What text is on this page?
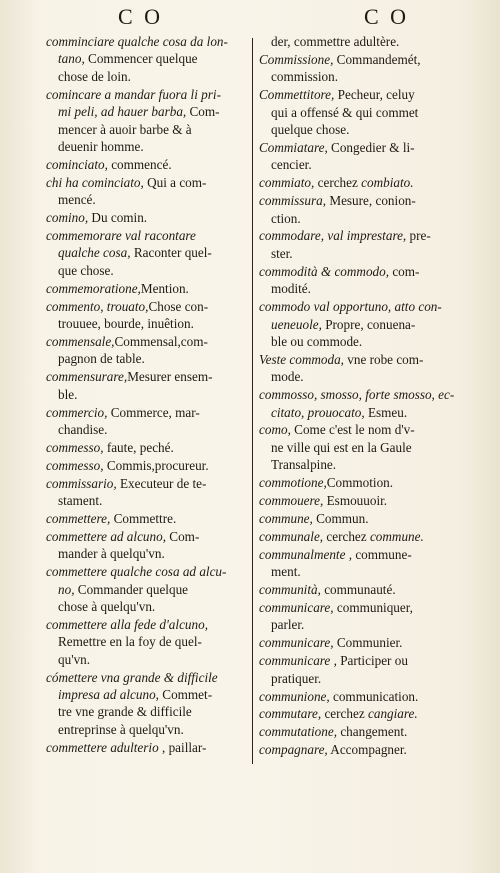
C O	C O
comminciare qualche cosa da lon-
tano, Commencer quelque
chose de loin.
comincare a mandar fuora li pri-
mi peli, ad hauer barba, Com-
mencer à auoir barbe & à
deuenir homme.
cominciato, commencé.
chi ha cominciato, Qui a com-
mencé.
comino, Du comin.
commemorare val racontare
qualche cosa, Raconter quel-
que chose.
commemoratione,Mention.
commento, trouato,Chose con-
trouuee, bourde, inuêtion.
commensale,Commensal,com-
pagnon de table.
commensurare,Mesurer ensem-
ble.
commercio, Commerce, mar-
chandise.
commesso, faute, peché.
commesso, Commis,procureur.
commissario, Executeur de te-
stament.
commettere, Commettre.
commettere ad alcuno, Com-
mander à quelqu'vn.
commettere qualche cosa ad alcu-
no, Commander quelque
chose à quelqu'vn.
commettere alla fede d'alcuno,
Remettre en la foy de quel-
qu'vn.
cómettere vna grande & difficile
impresa ad alcuno, Commet-
tre vne grande & difficile
entreprinse à quelqu'vn.
commettere adulterio , paillar-
der, commettre adultère.
Commissione, Commandemét,
commission.
Commettitore, Pecheur, celuy
qui a offensé & qui commet
quelque chose.
Commiatare, Congedier & li-
cencier.
commiato, cerchez combiato.
commissura, Mesure, conion-
ction.
commodare, val imprestare, pre-
ster.
commodità & commodo, com-
modité.
commodo val opportuno, atto con-
ueneuole, Propre, conuena-
ble ou commode.
Veste commoda, vne robe com-
mode.
commosso, smosso, forte smosso, ec-
citato, prouocato, Esmeu.
como, Come c'est le nom d'v-
ne ville qui est en la Gaule
Transalpine.
commotione,Commotion.
commouere, Esmouuoir.
commune, Commun.
communale, cerchez commune.
communalmente , commune-
ment.
communità, communauté.
communicare, communiquer,
parler.
communicare, Communier.
communicare , Participer ou
pratiquer.
communione, communication.
commutare, cerchez cangiare.
commutatione, changement.
compagnare, Accompagner.
